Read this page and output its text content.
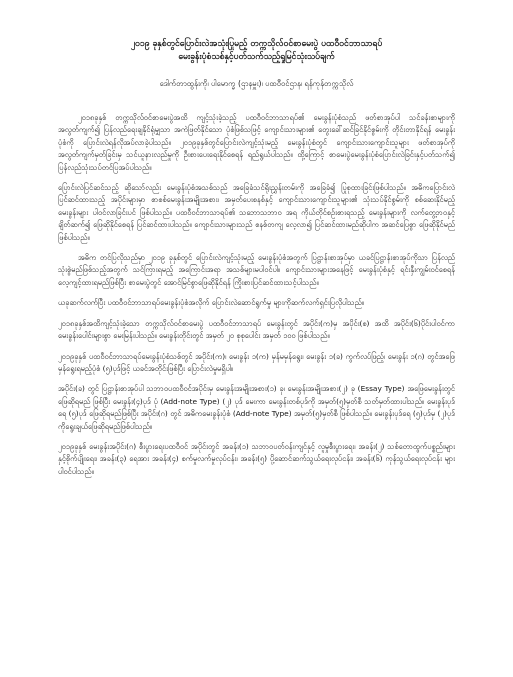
၂၀၁၉ ခုနှစ်တွင်ပြောင်းလဲအသုံးပြုမည့် တက္ကသိုလ်ဝင်စာမေးပွဲ ပထဝီဝင်ဘာသာရပ်

မေးခွန်းပုံစံသစ်နှင့်ပတ်သက်သည့်ရှုမြင်သုံးသပ်ချက်

ဒေါက်တာထွန်းကို၊ ပါမောက္ခ (ဌာနမှူး)၊ ပထဝီဝင်ဌာန၊ ရန်ကုန်တက္ကသိုလ်

၂၀၁၈ခုနှစ် တက္ကသိုလ်ဝင်စာမေးပွဲအထိ ကျင့်သုံးခဲ့သည့် ပထဝီဝင်ဘာသာရပ်၏ မေးခွန်းပုံစံသည် ဖတ်စာအုပ်ပါ သင်ခန်းစာများကို အလွတ်ကျက်၍ ပြန်လည်ရေးချနိုင်ရုံမျှသာ အကဲဖြတ်နိုင်သော ပုံစံဖြစ်သဖြင့် ကျောင်းသားများ၏ တွေးခေါ်ဆင်ခြင်နိုင်စွမ်းကို တိုင်းတာနိုင်ရန် မေးခွန်းပုံစံကို ပြောင်းလဲရန်လိုအပ်လာခဲ့ပါသည်။ ၂၀၁၉ခုနှစ်တွင်ပြောင်းလဲကျင့်သုံးမည့် မေးခွန်းပုံစံတွင် ကျောင်းသားကျောင်းသူများ ဖတ်စာအုပ်ကို အလွတ်ကျက်မှတ်ခြင်းမှ သင်ယူနားလည်မှုကို ဦးစားပေးရေးနိုင်စေရန် ရည်ရွယ်ပါသည်။ ထို့ကြောင့် စာမေးပွဲမေးခွန်းပုံစံပြောင်းလဲခြင်းနှင့်ပတ်သက်၍ ပြန်လည်သုံးသပ်တင်ပြအပ်ပါသည်။

ပြောင်းလဲပြင်ဆင်သည့် ဆိုသော်လည်း မေးခွန်းပုံစံအသစ်သည် အခြေခံသင်ရိုးညွှန်းတမ်းကို အခြေခံ၍ ပြုစုထားခြင်းဖြစ်ပါသည်။ အဓိကပြောင်းလဲပြင်ဆင်ထားသည့် အပိုင်းများမှာ စာစစ်မေးခွန်းအမျိုးအစား၊ အမှတ်ပေးစနစ်နှင့် ကျောင်းသားကျောင်းသူများ၏ သုံးသပ်နိုင်စွမ်းကို စစ်ဆေးနိုင်မည့် မေးခွန်းများ ပါဝင်လာခြင်းပင် ဖြစ်ပါသည်။ ပထဝီဝင်ဘာသာရပ်၏ သဘောသဘာဝ အရ ကိုယ်တိုင်စဉ်းစားရသည့် မေးခွန်းများကို လက်တွေ့ဘဝနှင့် ချိတ်ဆက်၍ ဖြေဆိုနိုင်စေရန် ပြင်ဆင်ထားပါသည်။ ကျောင်းသားများသည် စနစ်တကျ လေ့လာ၍ ပြင်ဆင်ထားမည်ဆိုပါက အဆင်ပြေစွာ ဖြေဆိုနိုင်မည် ဖြစ်ပါသည်။

အဓိက တင်ပြလိုသည်မှာ ၂၀၁၉ ခုနှစ်တွင် ပြောင်းလဲကျင့်သုံးမည့် မေးခွန်းပုံစံအတွက် ပြဋ္ဌာန်းစာအုပ်မှာ ယခင်ပြဋ္ဌာန်းစာအုပ်ကိုသာ ပြန်လည်သုံးစွဲမည်ဖြစ်သည့်အတွက် သင်ကြားရမည့် အကြောင်းအရာ အသစ်များမပါဝင်ပါ။ ကျောင်းသားများအနေဖြင့် မေးခွန်းပုံစံနှင့် ရင်းနှီးကျွမ်းဝင်စေရန် လေ့ကျင့်ထားရမည်ဖြစ်ပြီး စာမေးပွဲတွင် အောင်မြင်စွာဖြေဆိုနိုင်ရန် ကြိုးစားပြင်ဆင်ထားသင့်ပါသည်။

ယခုဆက်လက်ပြီး ပထဝီဝင်ဘာသာရပ်မေးခွန်းပုံစံအလိုက် ပြောင်းလဲဆောင်ရွက်မှု များကိုဆက်လက်ရှင်းပြလိုပါသည်။

၂၀၁၈ခုနှစ်အထိကျင့်သုံးခဲ့သော တက္ကသိုလ်ဝင်စာမေးပွဲ ပထဝီဝင်ဘာသာရပ် မေးခွန်းတွင် အပိုင်း(က)မှ အပိုင်း(စ) အထိ အပိုင်း(၆)ပိုင်းပါဝင်ကာ မေးခွန်းပေါင်းများစွာ မေးမြန်းပါသည်။ မေးခွန်းတိုင်းတွင် အမှတ် ၂၀ စုစုပေါင်း အမှတ် ၁၀၀ ဖြစ်ပါသည်။

၂၀၁၉ခုနှစ် ပထဝီဝင်ဘာသာရပ်မေးခွန်းပုံစံသစ်တွင် အပိုင်း(က)၊ မေးခွန်း ၁(က) မှန်မမှန်ရွေး၊ မေးခွန်း ၁(ခ) ကွက်လပ်ဖြည့်၊ မေးခွန်း ၁(ဂ) တွင်အဖြေမှန်ရွေးရမည့်ပုံစံ (၅)ပုဒ်ဖြင့် ယခင်အတိုင်းဖြစ်ပြီး ပြောင်းလဲမှုမရှိပါ။

အပိုင်း(ခ) တွင် ပြဋ္ဌာန်းစာအုပ်ပါ သဘာဝပထဝီဝင်အပိုင်းမှ မေးခွန်းအမျိုးအစား(၁) ခု၊ မေးခွန်းအမျိုးအစား(၂) ခု (Essay Type) အဖြေမေးခွန်းတွင် ဖြေဆိုရမည် ဖြစ်ပြီး မေးခွန်း(၄)ပုဒ် ပုံ (Add-note Type) (၂) ပုဒ် မေးကာ မေးခွန်းတစ်ပုဒ်ကို အမှတ်(၅)မှတ်စီ သတ်မှတ်ထားပါသည်။ မေးခွန်းပုဒ်ရေ (၅)ပုဒ် ဖြေဆိုရမည်ဖြစ်ပြီး အပိုင်း(ဂ) တွင် အဓိကမေးခွန်းပုံစံ (Add-note Type) အမှတ်(၅)မှတ်စီ ဖြစ်ပါသည်။ မေးခွန်းပုဒ်ရေ (၅)ပုဒ်မှ (၂)ပုဒ် ကိုရွေးချယ်ဖြေဆိုရမည်ဖြစ်ပါသည်။

၂၀၁၉ခုနှစ် မေးခွန်းအပိုင်း(ဂ) စီးပွားရေးပထဝီဝင် အပိုင်းတွင် အခန်း(၁) သဘာဝပတ်ဝန်းကျင်နှင့် လူမှုစီးပွားရေး၊ အခန်း(၂) သစ်တောထွက်ပစ္စည်းများနှင့်စိုက်ပျိုးရေး၊ အခန်း(၃) ရေအား အခန်း(၄) စက်မှုလက်မှုလုပ်ငန်း၊ အခန်း(၅) ပို့ဆောင်ဆက်သွယ်ရေးလုပ်ငန်း၊ အခန်း(၆) ကုန်သွယ်ရေးလုပ်ငန်း များပါဝင်ပါသည်။
